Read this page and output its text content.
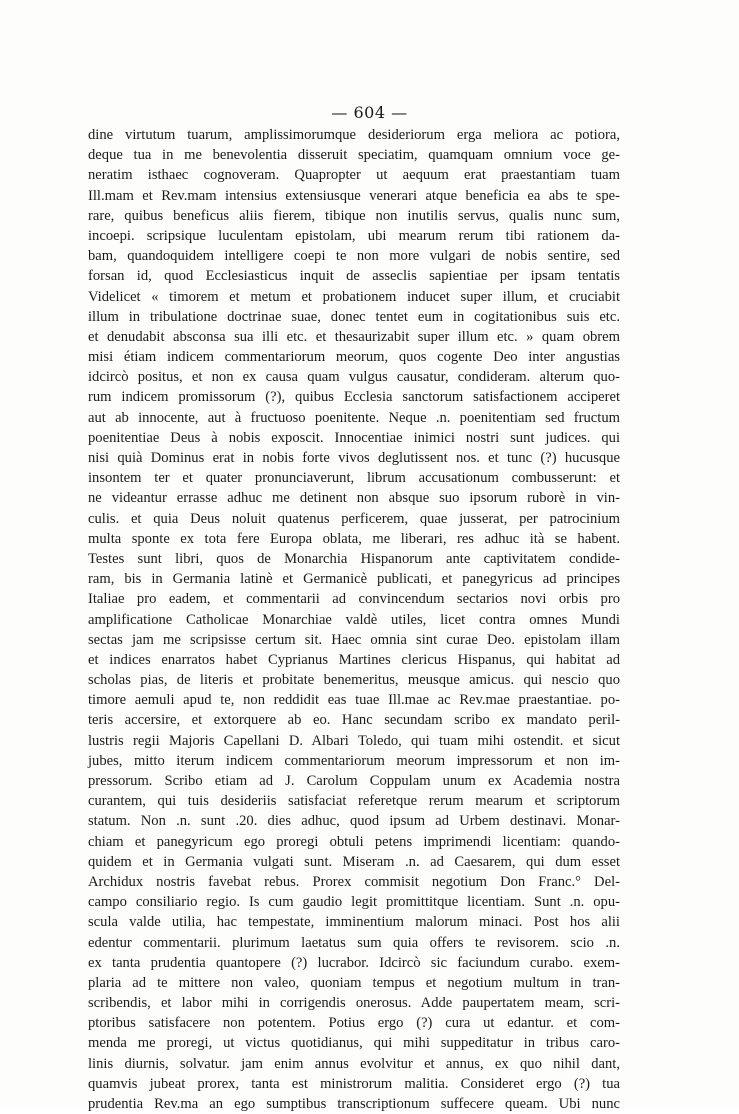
— 604 —
dine virtutum tuarum, amplissimorumque desideriorum erga meliora ac potiora,
deque tua in me benevolentia disseruit speciatim, quamquam omnium voce ge-
neratim isthaec cognoveram. Quapropter ut aequum erat praestantiam tuam
Ill.mam et Rev.mam intensius extensiusque venerari atque beneficia ea abs te spe-
rare, quibus beneficus aliis fierem, tibique non inutilis servus, qualis nunc sum,
incoepi. scripsique luculentam epistolam, ubi mearum rerum tibi rationem da-
bam, quandoquidem intelligere coepi te non more vulgari de nobis sentire, sed
forsan id, quod Ecclesiasticus inquit de asseclis sapientiae per ipsam tentatis
Videlicet « timorem et metum et probationem inducet super illum, et cruciabit
illum in tribulatione doctrinae suae, donec tentet eum in cogitationibus suis etc.
et denudabit absconsa sua illi etc. et thesaurizabit super illum etc. » quam obrem
misi étiam indicem commentariorum meorum, quos cogente Deo inter angustias
idcircò positus, et non ex causa quam vulgus causatur, condideram. alterum quo-
rum indicem promissorum (?), quibus Ecclesia sanctorum satisfactionem acciperet
aut ab innocente, aut à fructuoso poenitente. Neque .n. poenitentiam sed fructum
poenitentiae Deus à nobis exposcit. Innocentiae inimici nostri sunt judices. qui
nisi quià Dominus erat in nobis forte vivos deglutissent nos. et tunc (?) hucusque
insontem ter et quater pronunciaverunt, librum accusationum combusserunt: et
ne videantur errasse adhuc me detinent non absque suo ipsorum ruborè in vin-
culis. et quia Deus noluit quatenus perficerem, quae jusserat, per patrocinium
multa sponte ex tota fere Europa oblata, me liberari, res adhuc ità se habent.
Testes sunt libri, quos de Monarchia Hispanorum ante captivitatem condide-
ram, bis in Germania latinè et Germanicè publicati, et panegyricus ad principes
Italiae pro eadem, et commentarii ad convincendum sectarios novi orbis pro
amplificatione Catholicae Monarchiae valdè utiles, licet contra omnes Mundi
sectas jam me scripsisse certum sit. Haec omnia sint curae Deo. epistolam illam
et indices enarratos habet Cyprianus Martines clericus Hispanus, qui habitat ad
scholas pias, de literis et probitate benemeritus, meusque amicus. qui nescio quo
timore aemuli apud te, non reddidit eas tuae Ill.mae ac Rev.mae praestantiae. po-
teris accersire, et extorquere ab eo. Hanc secundam scribo ex mandato peril-
lustris regii Majoris Capellani D. Albari Toledo, qui tuam mihi ostendit. et sicut
jubes, mitto iterum indicem commentariorum meorum impressorum et non im-
pressorum. Scribo etiam ad J. Carolum Coppulam unum ex Academia nostra
curantem, qui tuis desideriis satisfaciat referetque rerum mearum et scriptorum
statum. Non .n. sunt .20. dies adhuc, quod ipsum ad Urbem destinavi. Monar-
chiam et panegyricum ego proregi obtuli petens imprimendi licentiam: quando-
quidem et in Germania vulgati sunt. Miseram .n. ad Caesarem, qui dum esset
Archidux nostris favebat rebus. Prorex commisit negotium Don Franc.° Del-
campo consiliario regio. Is cum gaudio legit promittitque licentiam. Sunt .n. opu-
scula valde utilia, hac tempestate, imminentium malorum minaci. Post hos alii
edentur commentarii. plurimum laetatus sum quia offers te revisorem. scio .n.
ex tanta prudentia quantopere (?) lucrabor. Idcircò sic faciundum curabo. exem-
plaria ad te mittere non valeo, quoniam tempus et negotium multum in tran-
scribendis, et labor mihi in corrigendis onerosus. Adde paupertatem meam, scri-
ptoribus satisfacere non potentem. Potius ergo (?) cura ut edantur. et com-
menda me proregi, ut victus quotidianus, qui mihi suppeditatur in tribus caro-
linis diurnis, solvatur. jam enim annus evolvitur et annus, ex quo nihil dant,
quamvis jubeat prorex, tanta est ministrorum malitia. Consideret ergo (?) tua
prudentia Rev.ma an ego sumptibus transcriptionum suffecere queam. Ubi nunc
